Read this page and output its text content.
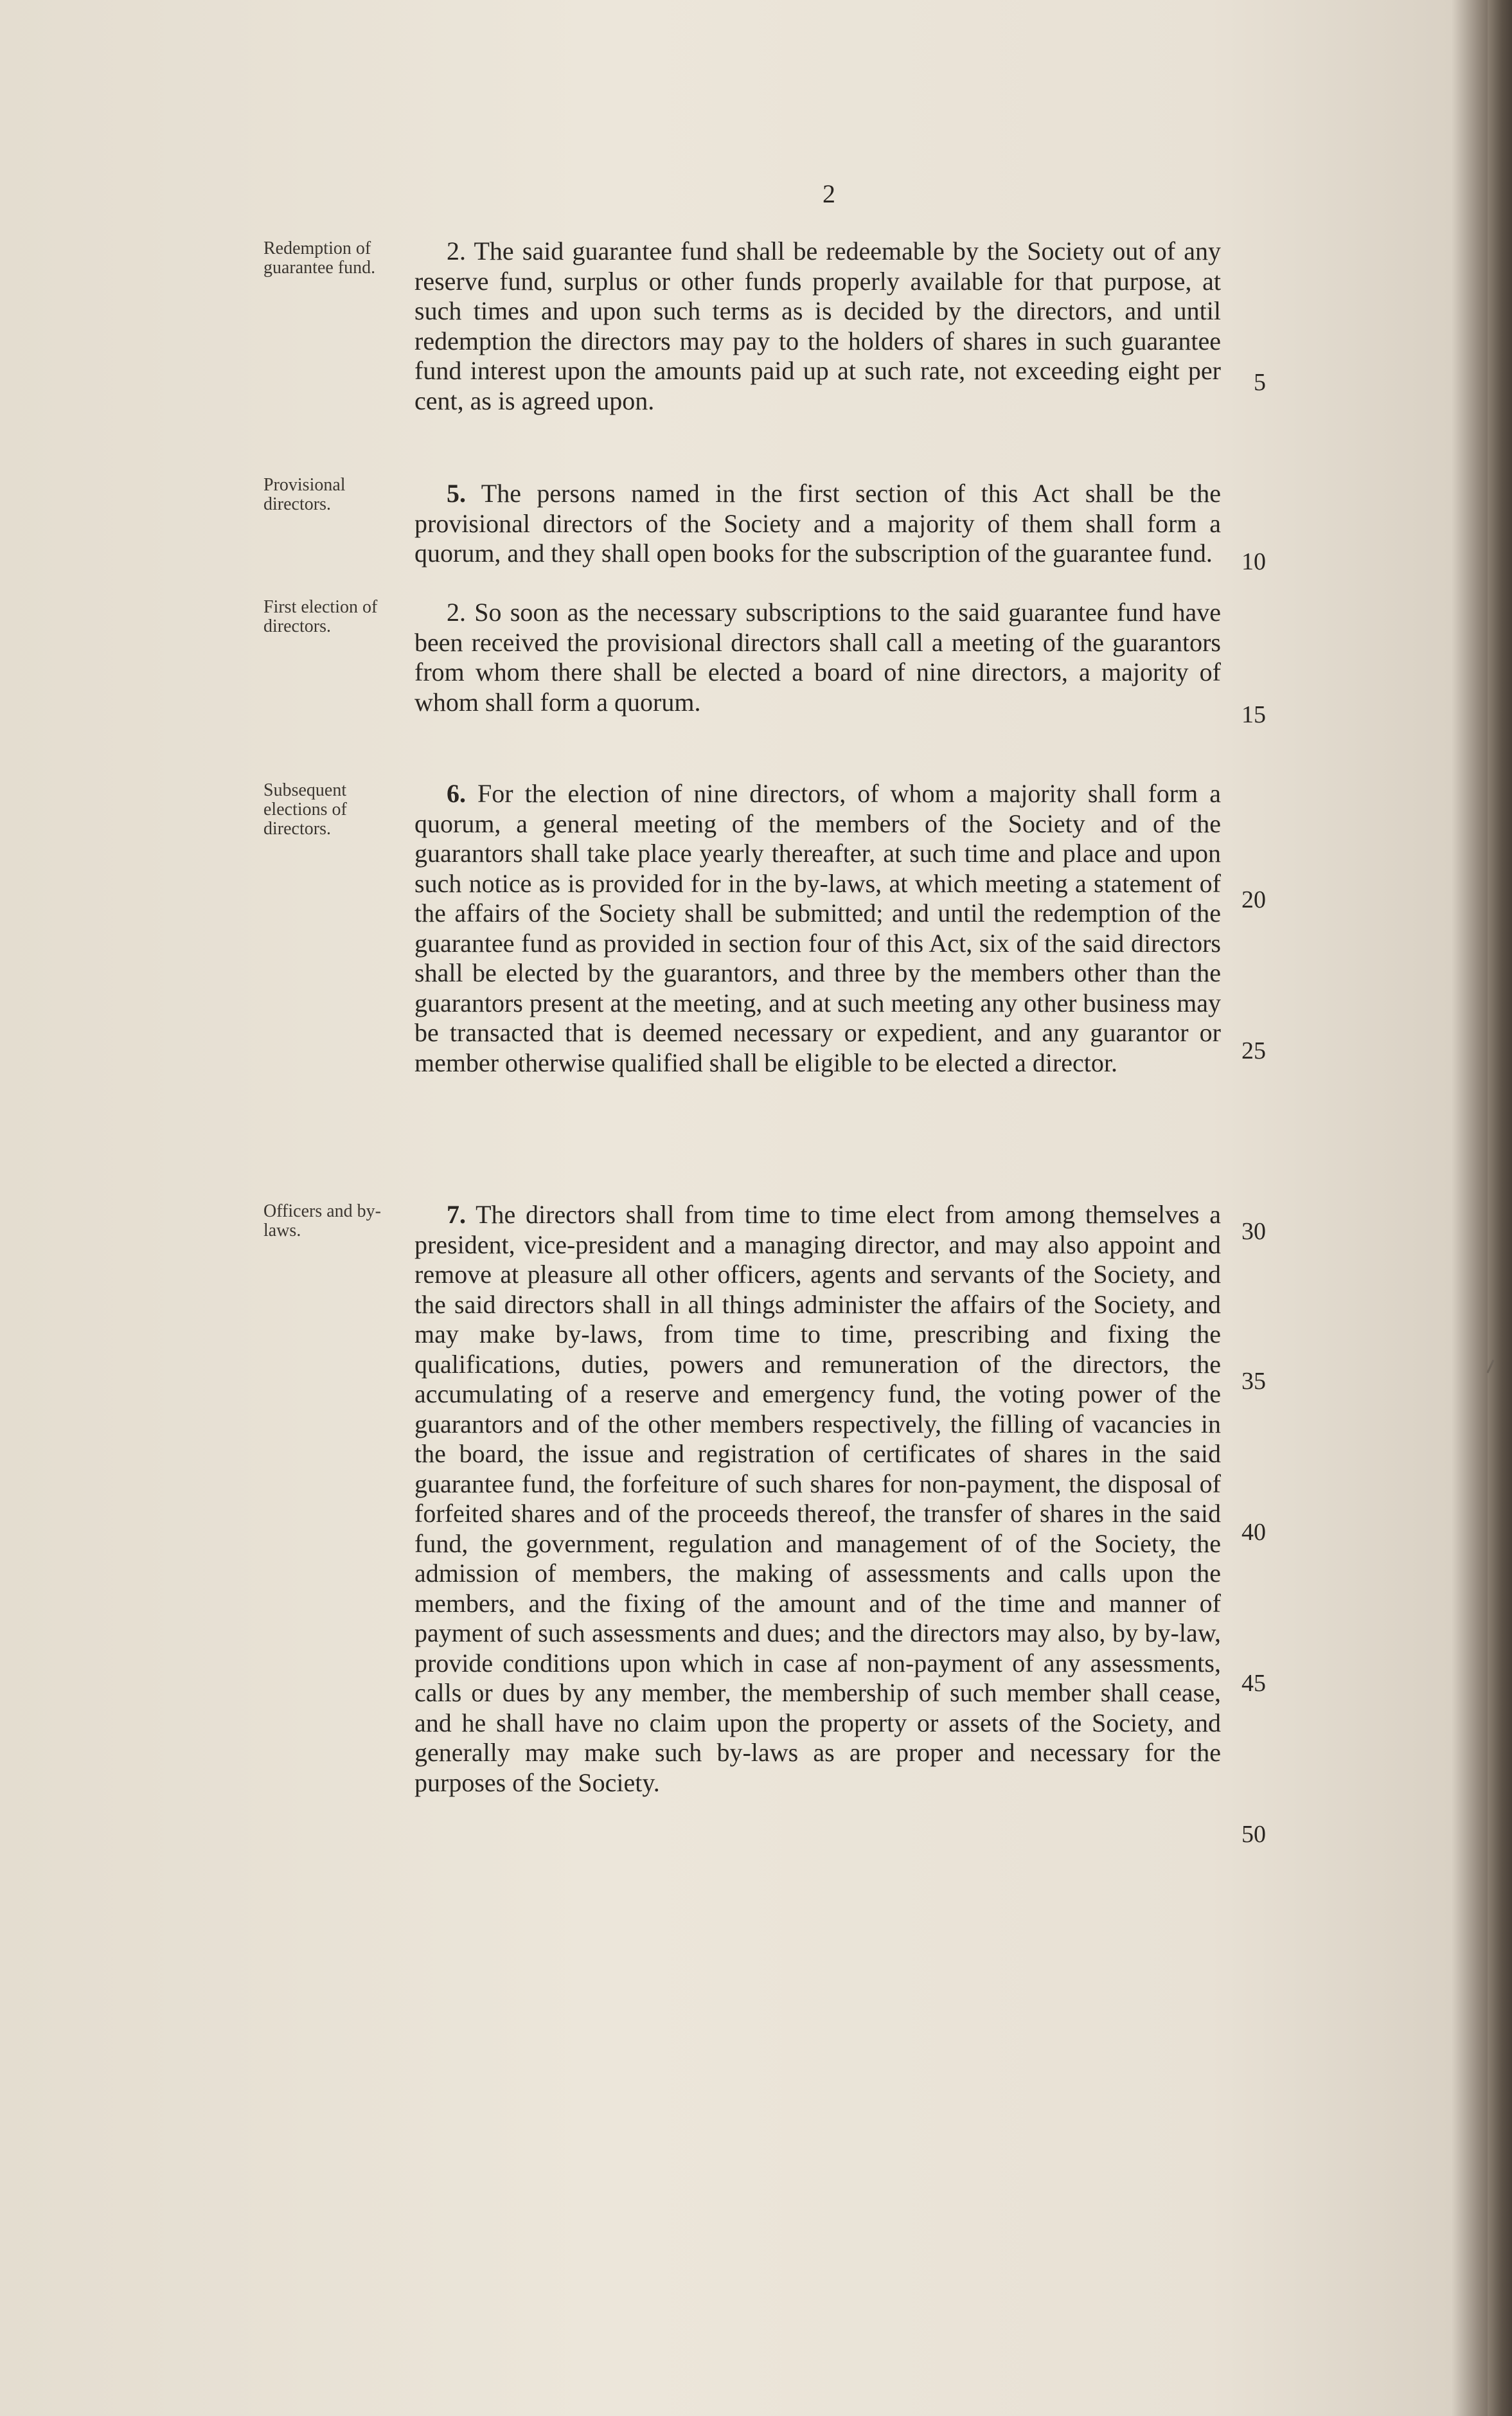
2
Redemption of guarantee fund.
Provisional directors.
First election of directors.
Subsequent elections of directors.
Officers and by-laws.
2. The said guarantee fund shall be redeemable by the Society out of any reserve fund, surplus or other funds properly available for that purpose, at such times and upon such terms as is decided by the directors, and until redemption the directors may pay to the holders of shares in such guarantee fund interest upon the amounts paid up at such rate, not exceeding eight per cent, as is agreed upon.
5. The persons named in the first section of this Act shall be the provisional directors of the Society and a majority of them shall form a quorum, and they shall open books for the subscription of the guarantee fund.
2. So soon as the necessary subscriptions to the said guarantee fund have been received the provisional directors shall call a meeting of the guarantors from whom there shall be elected a board of nine directors, a majority of whom shall form a quorum.
6. For the election of nine directors, of whom a majority shall form a quorum, a general meeting of the members of the Society and of the guarantors shall take place yearly thereafter, at such time and place and upon such notice as is provided for in the by-laws, at which meeting a statement of the affairs of the Society shall be submitted; and until the redemption of the guarantee fund as provided in section four of this Act, six of the said directors shall be elected by the guarantors, and three by the members other than the guarantors present at the meeting, and at such meeting any other business may be transacted that is deemed necessary or expedient, and any guarantor or member otherwise qualified shall be eligible to be elected a director.
7. The directors shall from time to time elect from among themselves a president, vice-president and a managing director, and may also appoint and remove at pleasure all other officers, agents and servants of the Society, and the said directors shall in all things administer the affairs of the Society, and may make by-laws, from time to time, prescribing and fixing the qualifications, duties, powers and remuneration of the directors, the accumulating of a reserve and emergency fund, the voting power of the guarantors and of the other members respectively, the filling of vacancies in the board, the issue and registration of certificates of shares in the said guarantee fund, the forfeiture of such shares for non-payment, the disposal of forfeited shares and of the proceeds thereof, the transfer of shares in the said fund, the government, regulation and management of of the Society, the admission of members, the making of assessments and calls upon the members, and the fixing of the amount and of the time and manner of payment of such assessments and dues; and the directors may also, by by-law, provide conditions upon which in case af non-payment of any assessments, calls or dues by any member, the membership of such member shall cease, and he shall have no claim upon the property or assets of the Society, and generally may make such by-laws as are proper and necessary for the purposes of the Society.
5
10
15
20
25
30
35
40
45
50
